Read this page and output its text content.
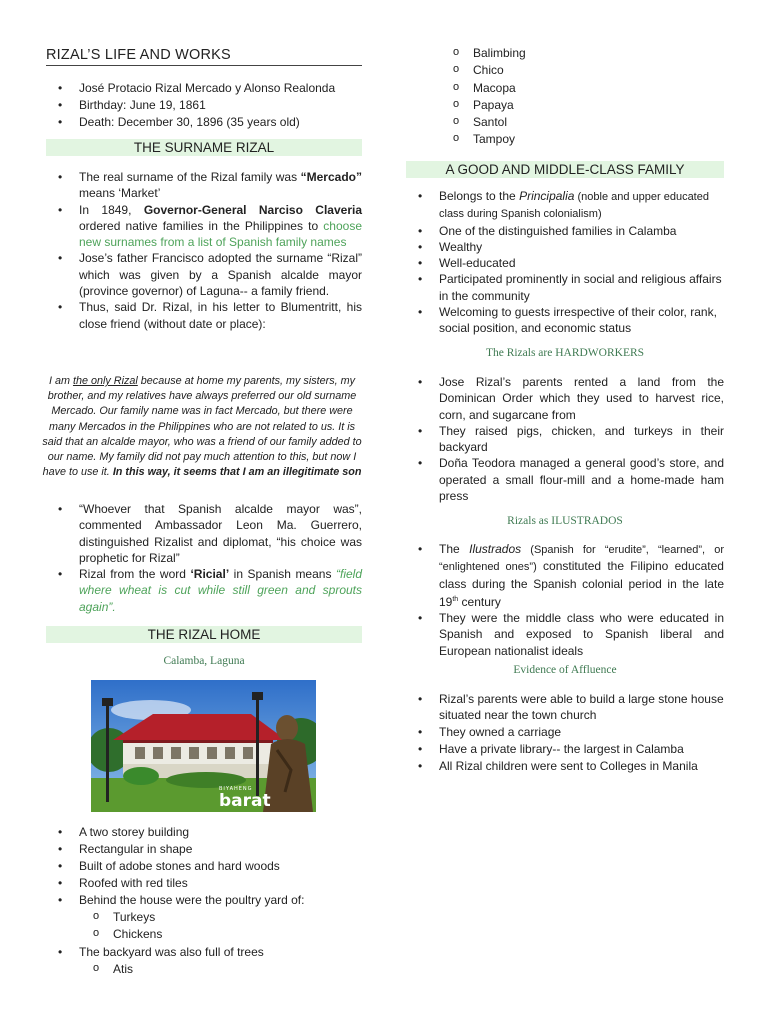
RIZAL’S LIFE AND WORKS
• José Protacio Rizal Mercado y Alonso Realonda
• Birthday: June 19, 1861
• Death: December 30, 1896 (35 years old)
THE SURNAME RIZAL
• The real surname of the Rizal family was “Mercado” means ‘Market’
• In 1849, Governor-General Narciso Claveria ordered native families in the Philippines to choose new surnames from a list of Spanish family names
• Jose’s father Francisco adopted the surname “Rizal” which was given by a Spanish alcalde mayor (province governor) of Laguna-- a family friend.
• Thus, said Dr. Rizal, in his letter to Blumentritt, his close friend (without date or place):
I am the only Rizal because at home my parents, my sisters, my brother, and my relatives have always preferred our old surname Mercado. Our family name was in fact Mercado, but there were many Mercados in the Philippines who are not related to us. It is said that an alcalde mayor, who was a friend of our family added to our name. My family did not pay much attention to this, but now I have to use it. In this way, it seems that I am an illegitimate son
• “Whoever that Spanish alcalde mayor was”, commented Ambassador Leon Ma. Guerrero, distinguished Rizalist and diplomat, “his choice was prophetic for Rizal”
• Rizal from the word ‘Ricial’ in Spanish means “field where wheat is cut while still green and sprouts again”.
THE RIZAL HOME
Calamba, Laguna
• A two storey building
• Rectangular in shape
• Built of adobe stones and hard woods
• Roofed with red tiles
• Behind the house were the poultry yard of:
o Turkeys
o Chickens
• The backyard was also full of trees
o Atis
BIYAHENG
barat
o Balimbing
o Chico
o Macopa
o Papaya
o Santol
o Tampoy
A GOOD AND MIDDLE-CLASS FAMILY
• Belongs to the Principalia (noble and upper educated class during Spanish colonialism)
• One of the distinguished families in Calamba
• Wealthy
• Well-educated
• Participated prominently in social and religious affairs in the community
• Welcoming to guests irrespective of their color, rank, social position, and economic status
The Rizals are HARDWORKERS
• Jose Rizal’s parents rented a land from the Dominican Order which they used to harvest rice, corn, and sugarcane from
• They raised pigs, chicken, and turkeys in their backyard
• Doña Teodora managed a general good’s store, and operated a small flour-mill and a home-made ham press
Rizals as ILUSTRADOS
• The Ilustrados (Spanish for “erudite”, “learned”, or “enlightened ones”) constituted the Filipino educated class during the Spanish colonial period in the late 19th century
• They were the middle class who were educated in Spanish and exposed to Spanish liberal and European nationalist ideals
Evidence of Affluence
• Rizal’s parents were able to build a large stone house situated near the town church
• They owned a carriage
• Have a private library-- the largest in Calamba
• All Rizal children were sent to Colleges in Manila
